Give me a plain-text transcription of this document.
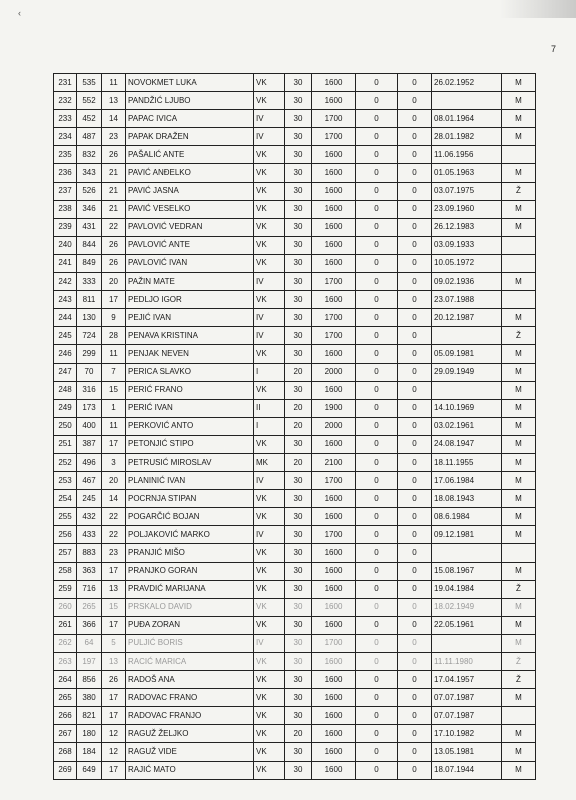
‹
7
231	535	11	NOVOKMET LUKA	VK	30	1600	0	0	26.02.1952	M
232	552	13	PANDŽIĆ LJUBO	VK	30	1600	0	0		M
233	452	14	PAPAC IVICA	IV	30	1700	0	0	08.01.1964	M
234	487	23	PAPAK DRAŽEN	IV	30	1700	0	0	28.01.1982	M
235	832	26	PAŠALIĆ ANTE	VK	30	1600	0	0	11.06.1956	
236	343	21	PAVIĆ ANĐELKO	VK	30	1600	0	0	01.05.1963	M
237	526	21	PAVIĆ JASNA	VK	30	1600	0	0	03.07.1975	Ž
238	346	21	PAVIĆ VESELKO	VK	30	1600	0	0	23.09.1960	M
239	431	22	PAVLOVIĆ VEDRAN	VK	30	1600	0	0	26.12.1983	M
240	844	26	PAVLOVIĆ ANTE	VK	30	1600	0	0	03.09.1933	
241	849	26	PAVLOVIĆ IVAN	VK	30	1600	0	0	10.05.1972	
242	333	20	PAŽIN MATE	IV	30	1700	0	0	09.02.1936	M
243	811	17	PEDLJO IGOR	VK	30	1600	0	0	23.07.1988	
244	130	9	PEJIĆ IVAN	IV	30	1700	0	0	20.12.1987	M
245	724	28	PENAVA KRISTINA	IV	30	1700	0	0		Ž
246	299	11	PENJAK NEVEN	VK	30	1600	0	0	05.09.1981	M
247	70	7	PERICA SLAVKO	I	20	2000	0	0	29.09.1949	M
248	316	15	PERIĆ FRANO	VK	30	1600	0	0		M
249	173	1	PERIĆ IVAN	II	20	1900	0	0	14.10.1969	M
250	400	11	PERKOVIĆ ANTO	I	20	2000	0	0	03.02.1961	M
251	387	17	PETONJIĆ STIPO	VK	30	1600	0	0	24.08.1947	M
252	496	3	PETRUSIĆ MIROSLAV	MK	20	2100	0	0	18.11.1955	M
253	467	20	PLANINIĆ IVAN	IV	30	1700	0	0	17.06.1984	M
254	245	14	POCRNJA STIPAN	VK	30	1600	0	0	18.08.1943	M
255	432	22	POGARČIĆ BOJAN	VK	30	1600	0	0	08.6.1984	M
256	433	22	POLJAKOVIĆ MARKO	IV	30	1700	0	0	09.12.1981	M
257	883	23	PRANJIĆ MIŠO	VK	30	1600	0	0		
258	363	17	PRANJKO GORAN	VK	30	1600	0	0	15.08.1967	M
259	716	13	PRAVDIĆ MARIJANA	VK	30	1600	0	0	19.04.1984	Ž
260	265	15	PRSKALO DAVID	VK	30	1600	0	0	18.02.1949	M
261	366	17	PUĐA ZORAN	VK	30	1600	0	0	22.05.1961	M
262	64	5	PULJIĆ BORIS	IV	30	1700	0	0		M
263	197	13	RACIĆ MARICA	VK	30	1600	0	0	11.11.1980	Ž
264	856	26	RADOŠ ANA	VK	30	1600	0	0	17.04.1957	Ž
265	380	17	RADOVAC FRANO	VK	30	1600	0	0	07.07.1987	M
266	821	17	RADOVAC FRANJO	VK	30	1600	0	0	07.07.1987	
267	180	12	RAGUŽ ŽELJKO	VK	20	1600	0	0	17.10.1982	M
268	184	12	RAGUŽ VIDE	VK	30	1600	0	0	13.05.1981	M
269	649	17	RAJIĆ MATO	VK	30	1600	0	0	18.07.1944	M
